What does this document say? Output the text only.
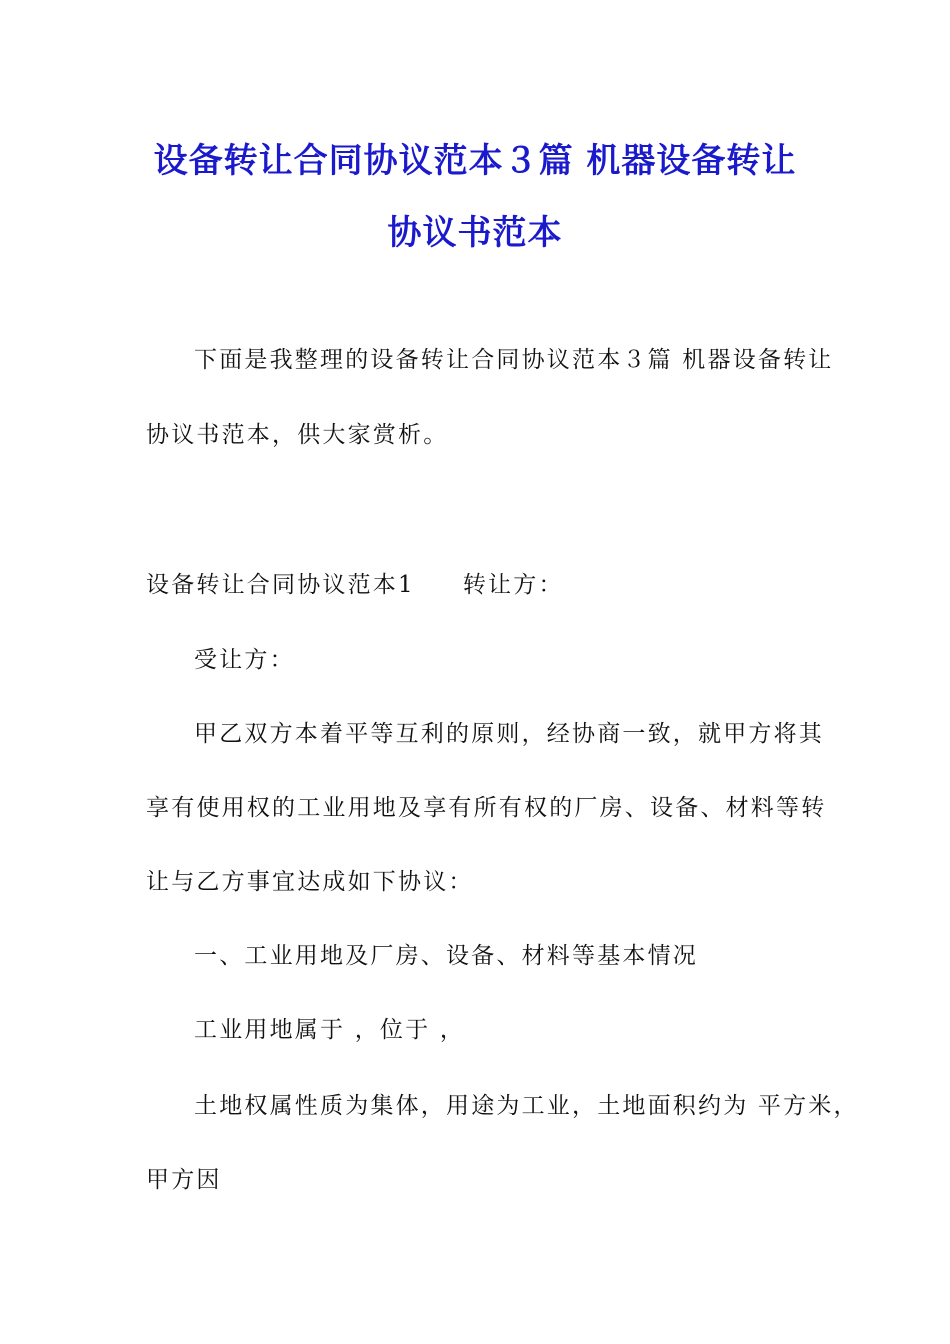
设备转让合同协议范本３篇 机器设备转让
协议书范本
下面是我整理的设备转让合同协议范本３篇 机器设备转让
协议书范本，供大家赏析。
设备转让合同协议范本1 转让方：
受让方：
甲乙双方本着平等互利的原则，经协商一致，就甲方将其
享有使用权的工业用地及享有所有权的厂房、设备、材料等转
让与乙方事宜达成如下协议：
一、工业用地及厂房、设备、材料等基本情况
工业用地属于 ，位于 ，
土地权属性质为集体，用途为工业，土地面积约为 平方米，
甲方因
